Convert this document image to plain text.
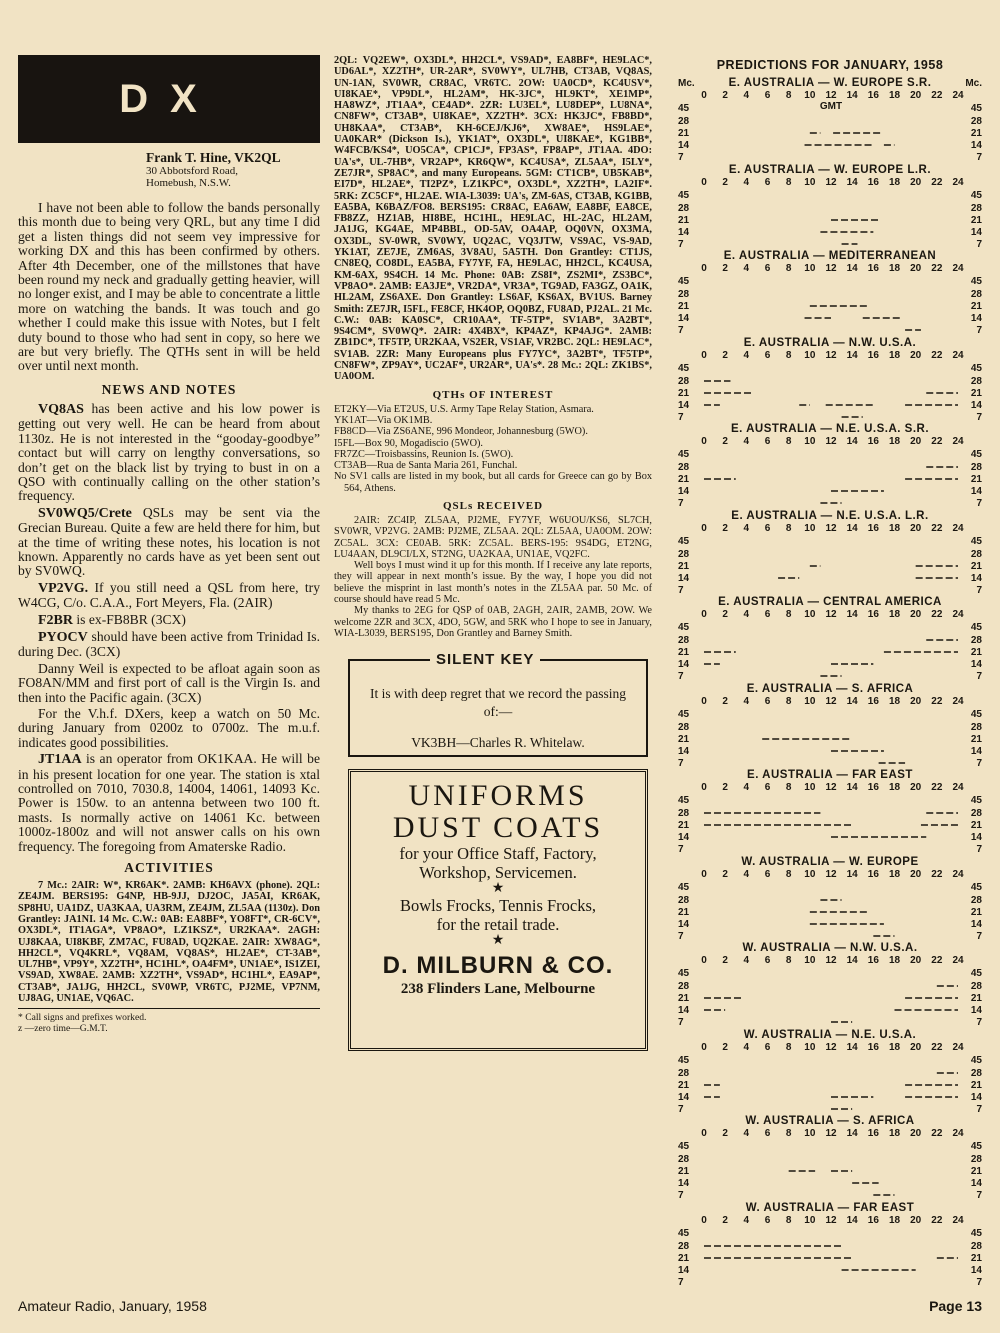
DX
Frank T. Hine, VK2QL
30 Abbotsford Road,
Homebush, N.S.W.

I have not been able to follow the bands personally this month due to being very QRL, but any time I did get a listen things did not seem vey impressive for working DX and this has been confirmed by others. After 4th December, one of the millstones that have been round my neck and gradually getting heavier, will no longer exist, and I may be able to concentrate a little more on watching the bands. It was touch and go whether I could make this issue with Notes, but I felt duty bound to those who had sent in copy, so here we are but very briefly. The QTHs sent in will be held over until next month.

NEWS AND NOTES

VQ8AS has been active and his low power is getting out very well. He can be heard from about 1130z. He is not interested in the “gooday-goodbye” contact but will carry on lengthy conversations, so don’t get on the black list by trying to bust in on a QSO with continually calling on the other station’s frequency.

SV0WQ5/Crete QSLs may be sent via the Grecian Bureau. Quite a few are held there for him, but at the time of writing these notes, his location is not known. Apparently no cards have as yet been sent out by SV0WQ.

VP2VG. If you still need a QSL from here, try W4CG, C/o. C.A.A., Fort Meyers, Fla. (2AIR)

F2BR is ex-FB8BR (3CX)

PYOCV should have been active from Trinidad Is. during Dec. (3CX)

Danny Weil is expected to be afloat again soon as FO8AN/MM and first port of call is the Virgin Is. and then into the Pacific again. (3CX)

For the V.h.f. DXers, keep a watch on 50 Mc. during January from 0200z to 0700z. The m.u.f. indicates good possibilities.

JT1AA is an operator from OK1KAA. He will be in his present location for one year. The station is xtal controlled on 7010, 7030.8, 14004, 14061, 14093 Kc. Power is 150w. to an antenna between two 100 ft. masts. Is normally active on 14061 Kc. between 1000z-1800z and will not answer calls on his own frequency. The foregoing from Amaterske Radio.

ACTIVITIES

7 Mc.: 2AIR: W*, KR6AK*. 2AMB: KH6AVX (phone). 2QL: ZE4JM. BERS195: G4NP, HB-9JJ, DJ2OC, JA5AI, KR6AK, SP8HU, UA1DZ, UA3KAA, UA3RM, ZE4JM, ZL5AA (1130z). Don Grantley: JA1NI. 14 Mc. C.W.: 0AB: EA8BF*, YO8FT*, CR-6CV*, OX3DL*, IT1AGA*, VP8AO*, LZ1KSZ*, UR2KAA*. 2AGH: UJ8KAA, UI8KBF, ZM7AC, FU8AD, UQ2KAE. 2AIR: XW8AG*, HH2CL*, VQ4KRL*, VQ8AM, VQ8AS*, HL2AE*, CT-3AB*, UL7HB*, VP9Y*, XZ2TH*, HC1HL*, OA4FM*, UN1AE*, IS1ZEI, VS9AD, XW8AE. 2AMB: XZ2TH*, VS9AD*, HC1HL*, EA9AP*, CT3AB*, JA1JG, HH2CL, SV0WP, VR6TC, PJ2ME, VP7NM, UJ8AG, UN1AE, VQ6AC.

* Call signs and prefixes worked.
z —zero time—G.M.T.

2QL: VQ2EW*, OX3DL*, HH2CL*, VS9AD*, EA8BF*, HE9LAC*, UD6AL*, XZ2TH*, UR-2AR*, SV0WY*, UL7HB, CT3AB, VQ8AS, UN-1AN, SV0WR, CR8AC, VR6TC. 2OW: UA0CD*, KC4USV*, UI8KAE*, VP9DL*, HL2AM*, HK-3JC*, HL9KT*, XE1MP*, HA8WZ*, JT1AA*, CE4AD*. 2ZR: LU3EL*, LU8DEP*, LU8NA*, CN8FW*, CT3AB*, UI8KAE*, XZ2TH*. 3CX: HK3JC*, FB8BD*, UH8KAA*, CT3AB*, KH-6CEJ/KJ6*, XW8AE*, HS9LAE*, UA0KAR* (Dickson Is.), YK1AT*, OX3DL*, UI8KAE*, KG1BB*, W4FCB/KS4*, UO5CA*, CP1CJ*, FP3AS*, FP8AP*, JT1AA. 4DO: UA's*, UL-7HB*, VR2AP*, KR6QW*, KC4USA*, ZL5AA*, I5LY*, ZE7JR*, SP8AC*, and many Europeans. 5GM: CT1CB*, UB5KAB*, EI7D*, HL2AE*, TI2PZ*, LZ1KPC*, OX3DL*, XZ2TH*, LA2IF*. 5RK: ZC5CF*, HL2AE. WIA-L3039: UA's, ZM-6AS, CT3AB, KG1BB, EA5BA, K6BAZ/FO8. BERS195: CR8AC, EA6AW, EA8BF, EA8CE, FB8ZZ, HZ1AB, HI8BE, HC1HL, HE9LAC, HL-2AC, HL2AM, JA1JG, KG4AE, MP4BBL, OD-5AV, OA4AP, OQ0VN, OX3MA, OX3DL, SV-0WR, SV0WY, UQ2AC, VQ3JTW, VS9AC, VS-9AD, YK1AT, ZE7JE, ZM6AS, 3V8AU, 5A5TH. Don Grantley: CT1JS, CN8EQ, CO8DL, EA5BA, FY7YF, FA, HE9LAC, HH2CL, KC4USA, KM-6AX, 9S4CH. 14 Mc. Phone: 0AB: ZS8I*, ZS2MI*, ZS3BC*, VP8AO*. 2AMB: EA3JE*, VR2DA*, VR3A*, TG9AD, FA3GZ, OA1K, HL2AM, ZS6AXE. Don Grantley: LS6AF, KS6AX, BV1US. Barney Smith: ZE7JR, I5FL, FE8CF, HK4OP, OQ0BZ, FU8AD, PJ2AL. 21 Mc. C.W.: 0AB: KA0SC*, CR10AA*, TF-5TP*, SV1AB*, 3A2BT*, 9S4CM*, SV0WQ*. 2AIR: 4X4BX*, KP4AZ*, KP4AJG*. 2AMB: ZB1DC*, TF5TP, UR2KAA, VS2ER, VS1AF, VR2BC. 2QL: HE9LAC*, SV1AB. 2ZR: Many Europeans plus FY7YC*, 3A2BT*, TF5TP*, CN8FW*, ZP9AY*, UC2AF*, UR2AR*, UA's*. 28 Mc.: 2QL: ZK1BS*, UA0OM.

QTHs OF INTEREST

ET2KY—Via ET2US, U.S. Army Tape Relay Station, Asmara.

YK1AT—Via OK1MB.

FB8CD—Via ZS6ANE, 996 Mondeor, Johannesburg (5WO).

I5FL—Box 90, Mogadiscio (5WO).

FR7ZC—Troisbassins, Reunion Is. (5WO).

CT3AB—Rua de Santa Maria 261, Funchal.

No SV1 calls are listed in my book, but all cards for Greece can go by Box 564, Athens.

QSLs RECEIVED

2AIR: ZC4IP, ZL5AA, PJ2ME, FY7YF, W6UOU/KS6, SL7CH, SV0WR, VP2VG. 2AMB: PJ2ME, ZL5AA. 2QL: ZL5AA, UA0OM. 2OW: ZC5AL. 3CX: CE0AB. 5RK: ZC5AL. BERS-195: 9S4DG, ET2NG, LU4AAN, DL9CI/LX, ST2NG, UA2KAA, UN1AE, VQ2FC.

Well boys I must wind it up for this month. If I receive any late reports, they will appear in next month’s issue. By the way, I hope you did not believe the misprint in last month’s notes in the ZL5AA par. 50 Mc. of course should have read 5 Mc.

My thanks to 2EG for QSP of 0AB, 2AGH, 2AIR, 2AMB, 2OW. We welcome 2ZR and 3CX, 4DO, 5GW, and 5RK who I hope to see in January, WIA-L3039, BERS195, Don Grantley and Barney Smith.

SILENT KEY
It is with deep regret that we record the passing of:—
VK3BH—Charles R. Whitelaw.
UNIFORMS
DUST COATS
for your Office Staff, Factory,
Workshop, Servicemen.
★
Bowls Frocks, Tennis Frocks,
for the retail trade.
★
D. MILBURN & CO.
238 Flinders Lane, Melbourne
PREDICTIONS FOR JANUARY, 1958
E. AUSTRALIA — W. EUROPE S.R.
Mc.	Mc.
0 2 4 6 8 10 12 14 16 18 20 22 24
GMT
45	45
28	28
21	21
14	14
7	7
E. AUSTRALIA — W. EUROPE L.R.
0 2 4 6 8 10 12 14 16 18 20 22 24
45	45
28	28
21	21
14	14
7	7
E. AUSTRALIA — MEDITERRANEAN
0 2 4 6 8 10 12 14 16 18 20 22 24
45	45
28	28
21	21
14	14
7	7
E. AUSTRALIA — N.W. U.S.A.
0 2 4 6 8 10 12 14 16 18 20 22 24
45	45
28	28
21	21
14	14
7	7
E. AUSTRALIA — N.E. U.S.A. S.R.
0 2 4 6 8 10 12 14 16 18 20 22 24
45	45
28	28
21	21
14	14
7	7
E. AUSTRALIA — N.E. U.S.A. L.R.
0 2 4 6 8 10 12 14 16 18 20 22 24
45	45
28	28
21	21
14	14
7	7
E. AUSTRALIA — CENTRAL AMERICA
0 2 4 6 8 10 12 14 16 18 20 22 24
45	45
28	28
21	21
14	14
7	7
E. AUSTRALIA — S. AFRICA
0 2 4 6 8 10 12 14 16 18 20 22 24
45	45
28	28
21	21
14	14
7	7
E. AUSTRALIA — FAR EAST
0 2 4 6 8 10 12 14 16 18 20 22 24
45	45
28	28
21	21
14	14
7	7
W. AUSTRALIA — W. EUROPE
0 2 4 6 8 10 12 14 16 18 20 22 24
45	45
28	28
21	21
14	14
7	7
W. AUSTRALIA — N.W. U.S.A.
0 2 4 6 8 10 12 14 16 18 20 22 24
45	45
28	28
21	21
14	14
7	7
W. AUSTRALIA — N.E. U.S.A.
0 2 4 6 8 10 12 14 16 18 20 22 24
45	45
28	28
21	21
14	14
7	7
W. AUSTRALIA — S. AFRICA
0 2 4 6 8 10 12 14 16 18 20 22 24
45	45
28	28
21	21
14	14
7	7
W. AUSTRALIA — FAR EAST
0 2 4 6 8 10 12 14 16 18 20 22 24
45	45
28	28
21	21
14	14
7	7
Amateur Radio, January, 1958	Page 13
